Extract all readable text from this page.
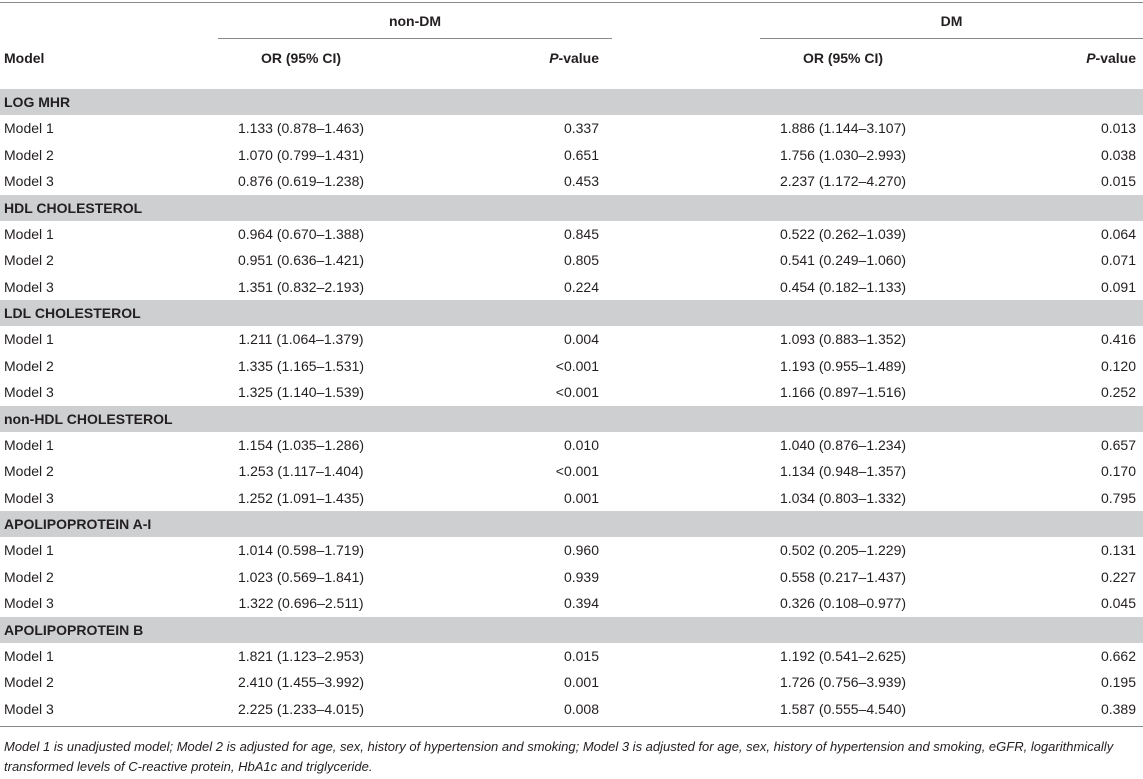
non-DM	DM
Model	OR (95% CI)	P-value	OR (95% CI)	P-value
LOG MHR
Model 1	1.133 (0.878–1.463)	0.337	1.886 (1.144–3.107)	0.013
Model 2	1.070 (0.799–1.431)	0.651	1.756 (1.030–2.993)	0.038
Model 3	0.876 (0.619–1.238)	0.453	2.237 (1.172–4.270)	0.015
HDL CHOLESTEROL
Model 1	0.964 (0.670–1.388)	0.845	0.522 (0.262–1.039)	0.064
Model 2	0.951 (0.636–1.421)	0.805	0.541 (0.249–1.060)	0.071
Model 3	1.351 (0.832–2.193)	0.224	0.454 (0.182–1.133)	0.091
LDL CHOLESTEROL
Model 1	1.211 (1.064–1.379)	0.004	1.093 (0.883–1.352)	0.416
Model 2	1.335 (1.165–1.531)	<0.001	1.193 (0.955–1.489)	0.120
Model 3	1.325 (1.140–1.539)	<0.001	1.166 (0.897–1.516)	0.252
non-HDL CHOLESTEROL
Model 1	1.154 (1.035–1.286)	0.010	1.040 (0.876–1.234)	0.657
Model 2	1.253 (1.117–1.404)	<0.001	1.134 (0.948–1.357)	0.170
Model 3	1.252 (1.091–1.435)	0.001	1.034 (0.803–1.332)	0.795
APOLIPOPROTEIN A-I
Model 1	1.014 (0.598–1.719)	0.960	0.502 (0.205–1.229)	0.131
Model 2	1.023 (0.569–1.841)	0.939	0.558 (0.217–1.437)	0.227
Model 3	1.322 (0.696–2.511)	0.394	0.326 (0.108–0.977)	0.045
APOLIPOPROTEIN B
Model 1	1.821 (1.123–2.953)	0.015	1.192 (0.541–2.625)	0.662
Model 2	2.410 (1.455–3.992)	0.001	1.726 (0.756–3.939)	0.195
Model 3	2.225 (1.233–4.015)	0.008	1.587 (0.555–4.540)	0.389
Model 1 is unadjusted model; Model 2 is adjusted for age, sex, history of hypertension and smoking; Model 3 is adjusted for age, sex, history of hypertension and smoking, eGFR, logarithmically transformed levels of C-reactive protein, HbA1c and triglyceride.
